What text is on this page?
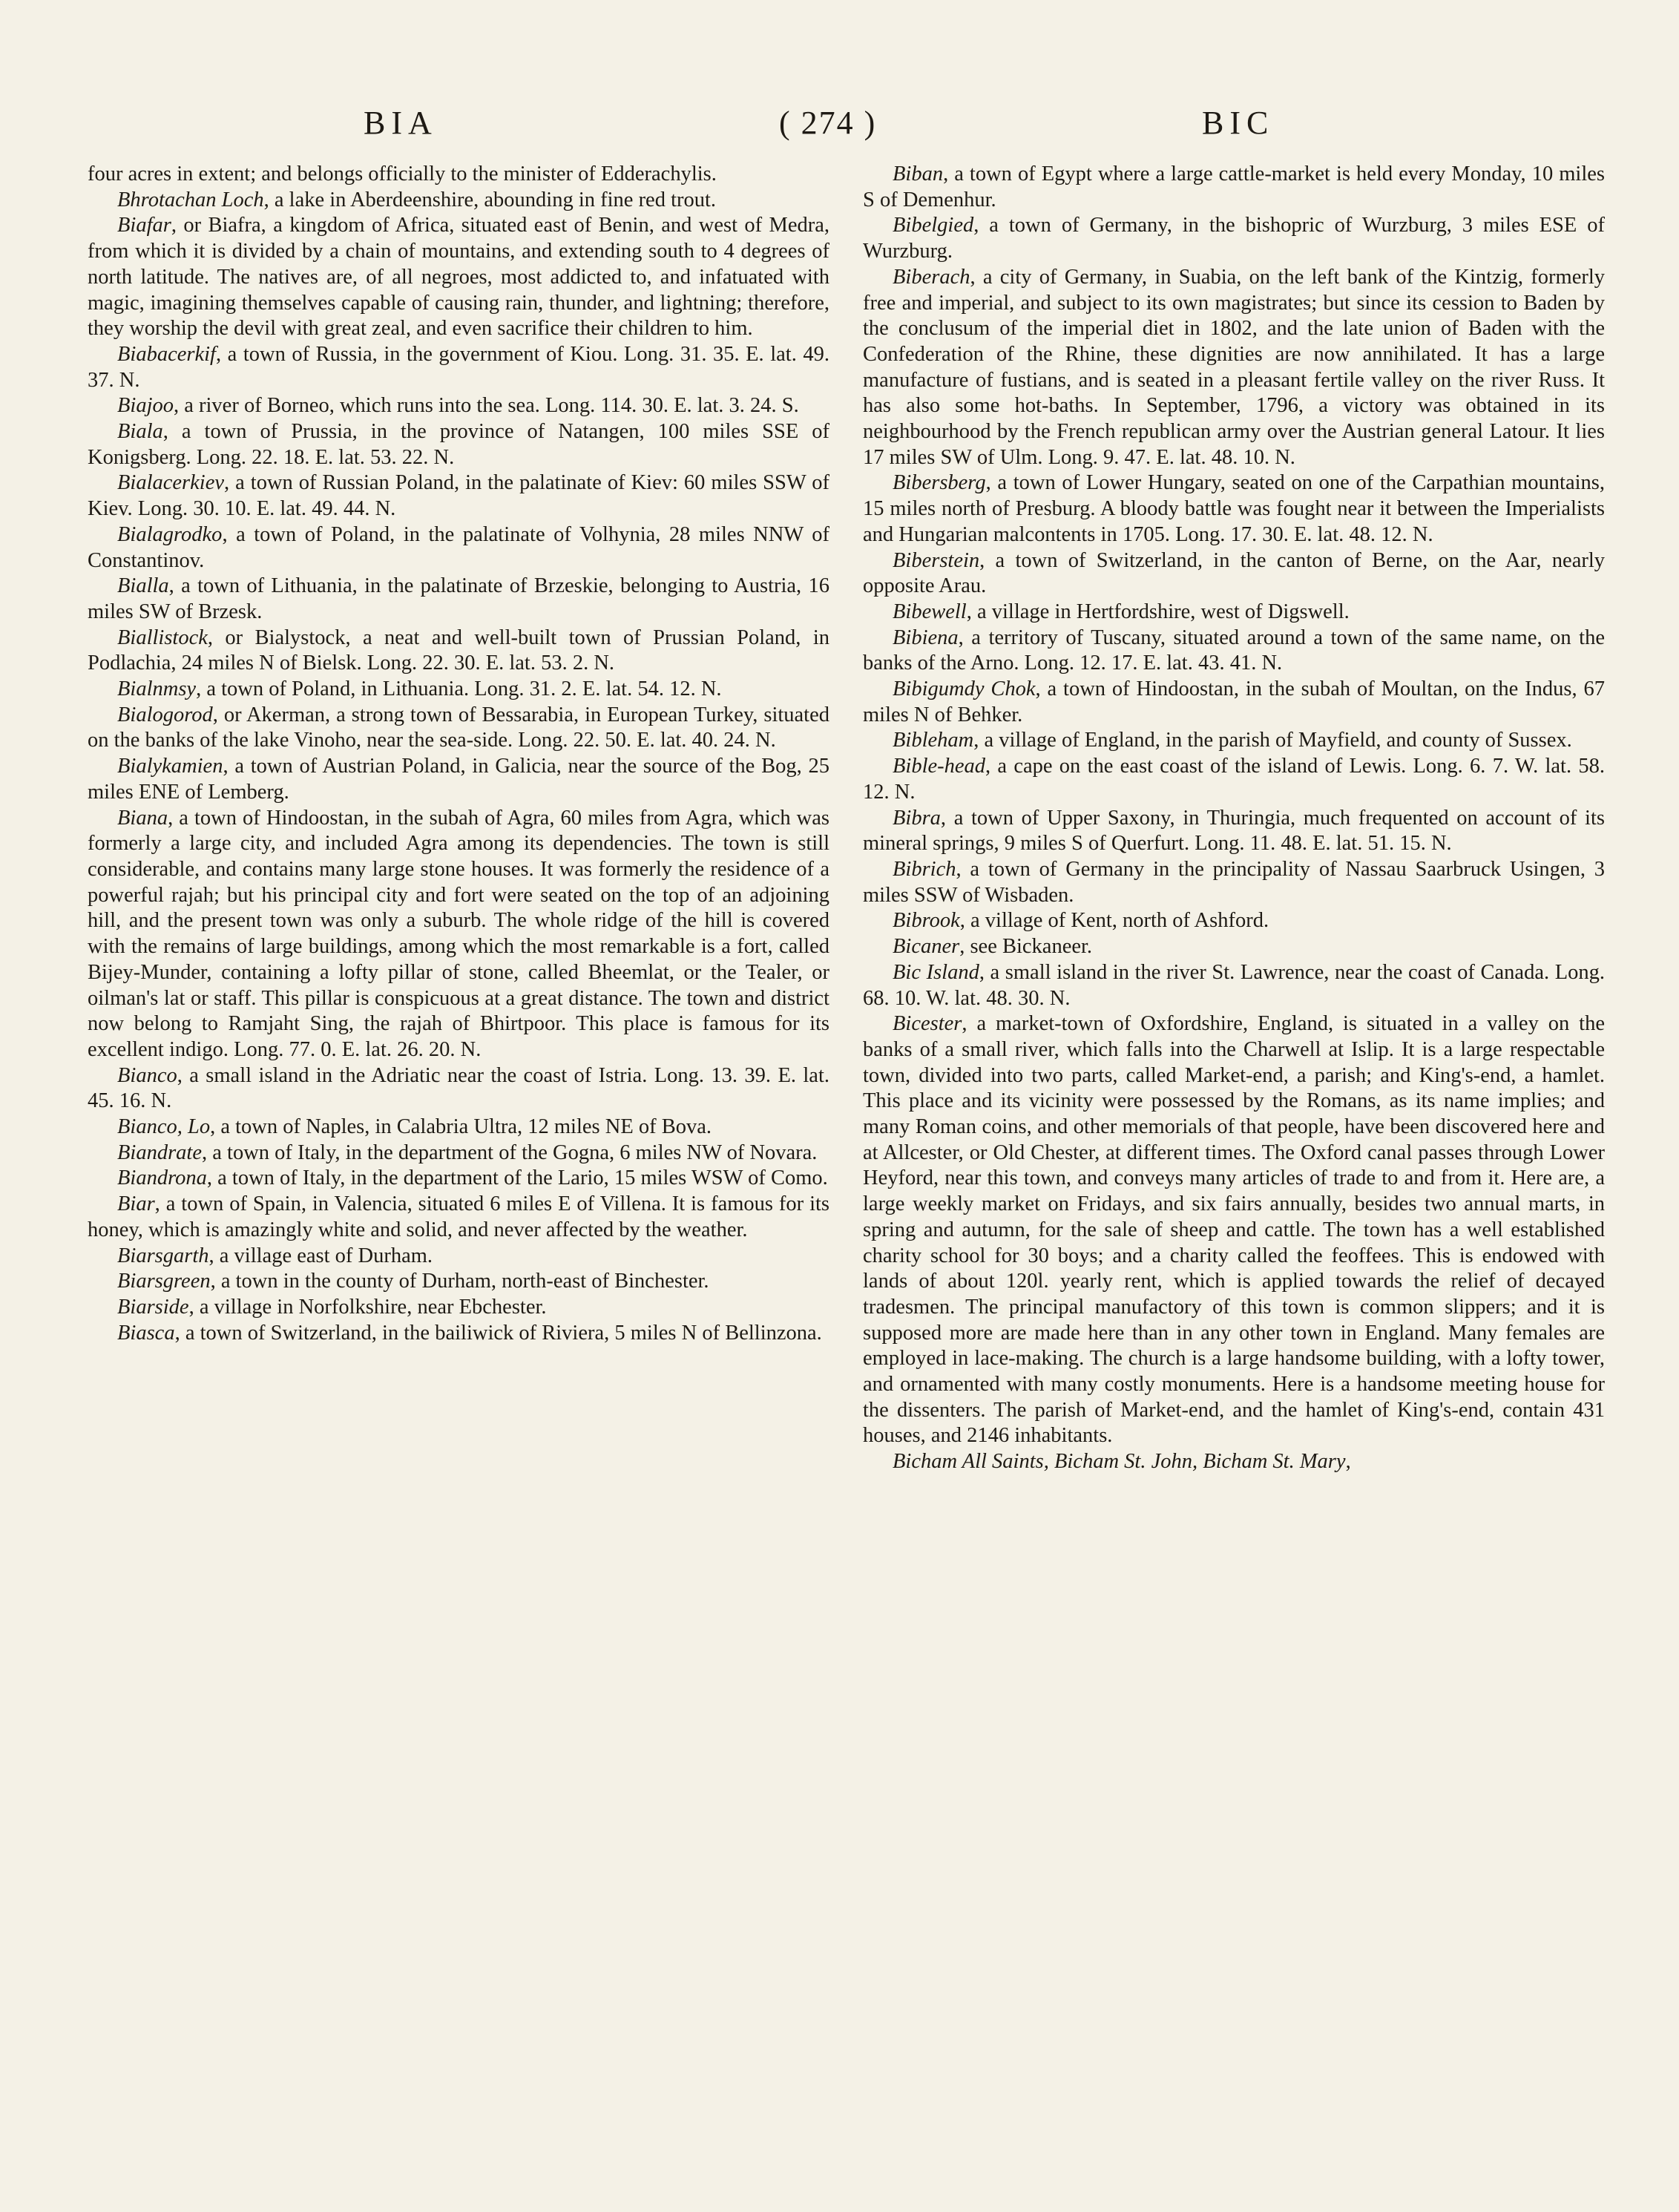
BIA	( 274 )	BIC

four acres in extent; and belongs officially to the minister of Edderachylis.

Bhrotachan Loch, a lake in Aberdeenshire, abounding in fine red trout.

Biafar, or Biafra, a kingdom of Africa, situated east of Benin, and west of Medra, from which it is divided by a chain of mountains, and extending south to 4 degrees of north latitude. The natives are, of all negroes, most addicted to, and infatuated with magic, imagining themselves capable of causing rain, thunder, and lightning; therefore, they worship the devil with great zeal, and even sacrifice their children to him.

Biabacerkif, a town of Russia, in the government of Kiou. Long. 31. 35. E. lat. 49. 37. N.

Biajoo, a river of Borneo, which runs into the sea. Long. 114. 30. E. lat. 3. 24. S.

Biala, a town of Prussia, in the province of Natangen, 100 miles SSE of Konigsberg. Long. 22. 18. E. lat. 53. 22. N.

Bialacerkiev, a town of Russian Poland, in the palatinate of Kiev: 60 miles SSW of Kiev. Long. 30. 10. E. lat. 49. 44. N.

Bialagrodko, a town of Poland, in the palatinate of Volhynia, 28 miles NNW of Constantinov.

Bialla, a town of Lithuania, in the palatinate of Brzeskie, belonging to Austria, 16 miles SW of Brzesk.

Biallistock, or Bialystock, a neat and well-built town of Prussian Poland, in Podlachia, 24 miles N of Bielsk. Long. 22. 30. E. lat. 53. 2. N.

Bialnmsy, a town of Poland, in Lithuania. Long. 31. 2. E. lat. 54. 12. N.

Bialogorod, or Akerman, a strong town of Bessarabia, in European Turkey, situated on the banks of the lake Vinoho, near the sea-side. Long. 22. 50. E. lat. 40. 24. N.

Bialykamien, a town of Austrian Poland, in Galicia, near the source of the Bog, 25 miles ENE of Lemberg.

Biana, a town of Hindoostan, in the subah of Agra, 60 miles from Agra, which was formerly a large city, and included Agra among its dependencies. The town is still considerable, and contains many large stone houses. It was formerly the residence of a powerful rajah; but his principal city and fort were seated on the top of an adjoining hill, and the present town was only a suburb. The whole ridge of the hill is covered with the remains of large buildings, among which the most remarkable is a fort, called Bijey-Munder, containing a lofty pillar of stone, called Bheemlat, or the Tealer, or oilman's lat or staff. This pillar is conspicuous at a great distance. The town and district now belong to Ramjaht Sing, the rajah of Bhirtpoor. This place is famous for its excellent indigo. Long. 77. 0. E. lat. 26. 20. N.

Bianco, a small island in the Adriatic near the coast of Istria. Long. 13. 39. E. lat. 45. 16. N.

Bianco, Lo, a town of Naples, in Calabria Ultra, 12 miles NE of Bova.

Biandrate, a town of Italy, in the department of the Gogna, 6 miles NW of Novara.

Biandrona, a town of Italy, in the department of the Lario, 15 miles WSW of Como.

Biar, a town of Spain, in Valencia, situated 6 miles E of Villena. It is famous for its honey, which is amazingly white and solid, and never affected by the weather.

Biarsgarth, a village east of Durham.

Biarsgreen, a town in the county of Durham, north-east of Binchester.

Biarside, a village in Norfolkshire, near Ebchester.

Biasca, a town of Switzerland, in the bailiwick of Riviera, 5 miles N of Bellinzona.

Biban, a town of Egypt where a large cattle-market is held every Monday, 10 miles S of Demenhur.

Bibelgied, a town of Germany, in the bishopric of Wurzburg, 3 miles ESE of Wurzburg.

Biberach, a city of Germany, in Suabia, on the left bank of the Kintzig, formerly free and imperial, and subject to its own magistrates; but since its cession to Baden by the conclusum of the imperial diet in 1802, and the late union of Baden with the Confederation of the Rhine, these dignities are now annihilated. It has a large manufacture of fustians, and is seated in a pleasant fertile valley on the river Russ. It has also some hot-baths. In September, 1796, a victory was obtained in its neighbourhood by the French republican army over the Austrian general Latour. It lies 17 miles SW of Ulm. Long. 9. 47. E. lat. 48. 10. N.

Bibersberg, a town of Lower Hungary, seated on one of the Carpathian mountains, 15 miles north of Presburg. A bloody battle was fought near it between the Imperialists and Hungarian malcontents in 1705. Long. 17. 30. E. lat. 48. 12. N.

Biberstein, a town of Switzerland, in the canton of Berne, on the Aar, nearly opposite Arau.

Bibewell, a village in Hertfordshire, west of Digswell.

Bibiena, a territory of Tuscany, situated around a town of the same name, on the banks of the Arno. Long. 12. 17. E. lat. 43. 41. N.

Bibigumdy Chok, a town of Hindoostan, in the subah of Moultan, on the Indus, 67 miles N of Behker.

Bibleham, a village of England, in the parish of Mayfield, and county of Sussex.

Bible-head, a cape on the east coast of the island of Lewis. Long. 6. 7. W. lat. 58. 12. N.

Bibra, a town of Upper Saxony, in Thuringia, much frequented on account of its mineral springs, 9 miles S of Querfurt. Long. 11. 48. E. lat. 51. 15. N.

Bibrich, a town of Germany in the principality of Nassau Saarbruck Usingen, 3 miles SSW of Wisbaden.

Bibrook, a village of Kent, north of Ashford.

Bicaner, see Bickaneer.

Bic Island, a small island in the river St. Lawrence, near the coast of Canada. Long. 68. 10. W. lat. 48. 30. N.

Bicester, a market-town of Oxfordshire, England, is situated in a valley on the banks of a small river, which falls into the Charwell at Islip. It is a large respectable town, divided into two parts, called Market-end, a parish; and King's-end, a hamlet. This place and its vicinity were possessed by the Romans, as its name implies; and many Roman coins, and other memorials of that people, have been discovered here and at Allcester, or Old Chester, at different times. The Oxford canal passes through Lower Heyford, near this town, and conveys many articles of trade to and from it. Here are, a large weekly market on Fridays, and six fairs annually, besides two annual marts, in spring and autumn, for the sale of sheep and cattle. The town has a well established charity school for 30 boys; and a charity called the feoffees. This is endowed with lands of about 120l. yearly rent, which is applied towards the relief of decayed tradesmen. The principal manufactory of this town is common slippers; and it is supposed more are made here than in any other town in England. Many females are employed in lace-making. The church is a large handsome building, with a lofty tower, and ornamented with many costly monuments. Here is a handsome meeting house for the dissenters. The parish of Market-end, and the hamlet of King's-end, contain 431 houses, and 2146 inhabitants.

Bicham All Saints, Bicham St. John, Bicham St. Mary,
